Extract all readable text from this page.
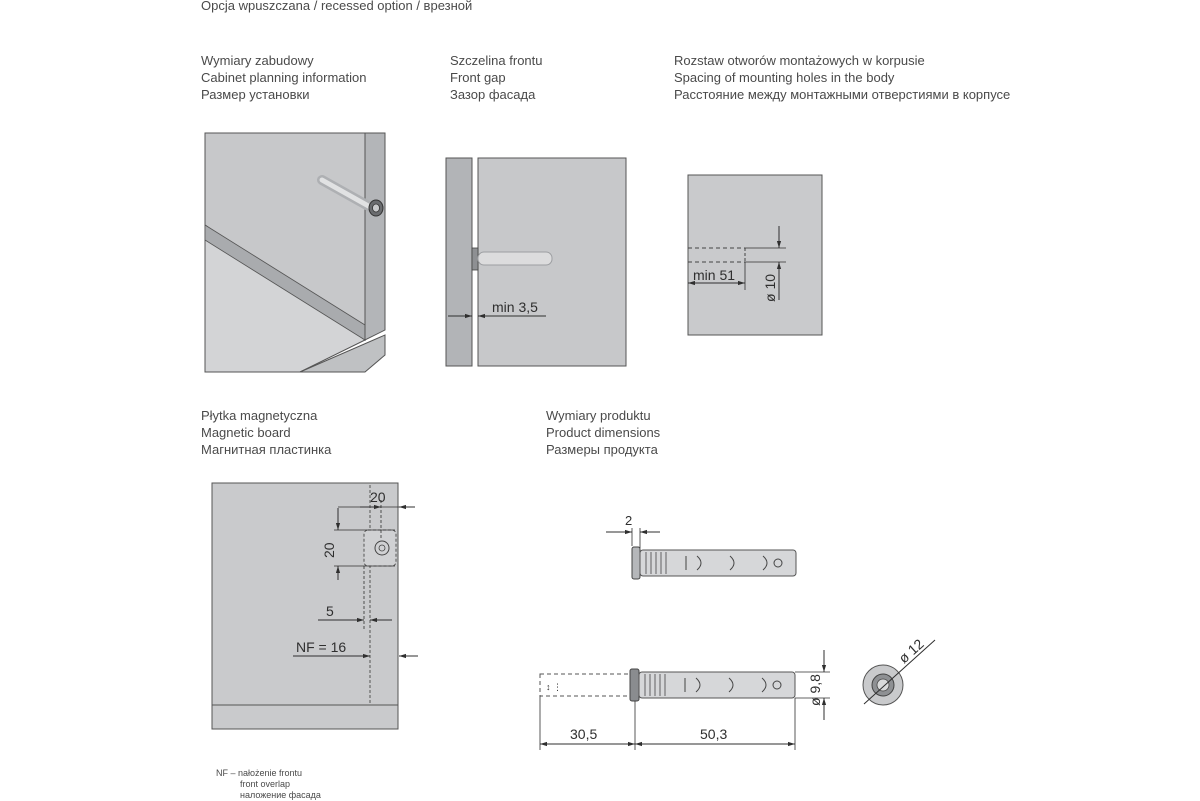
Opcja wpuszczana / recessed option / врезной
Wymiary zabudowy
Cabinet planning information
Размер установки
Szczelina frontu
Front gap
Зазор фасада
Rozstaw otworów montażowych w korpusie
Spacing of mounting holes in the body
Расстояние между монтажными отверстиями в корпусе
Płytka magnetyczna
Magnetic board
Магнитная пластинка
Wymiary produktu
Product dimensions
Размеры продукта
NF – nałożenie frontu
front overlap
наложение фасада
min 3,5
min 51 ø 10
20
20
5
NF = 16
2
↕ ⋮
30,5	50,3
ø 9,8
ø 12
